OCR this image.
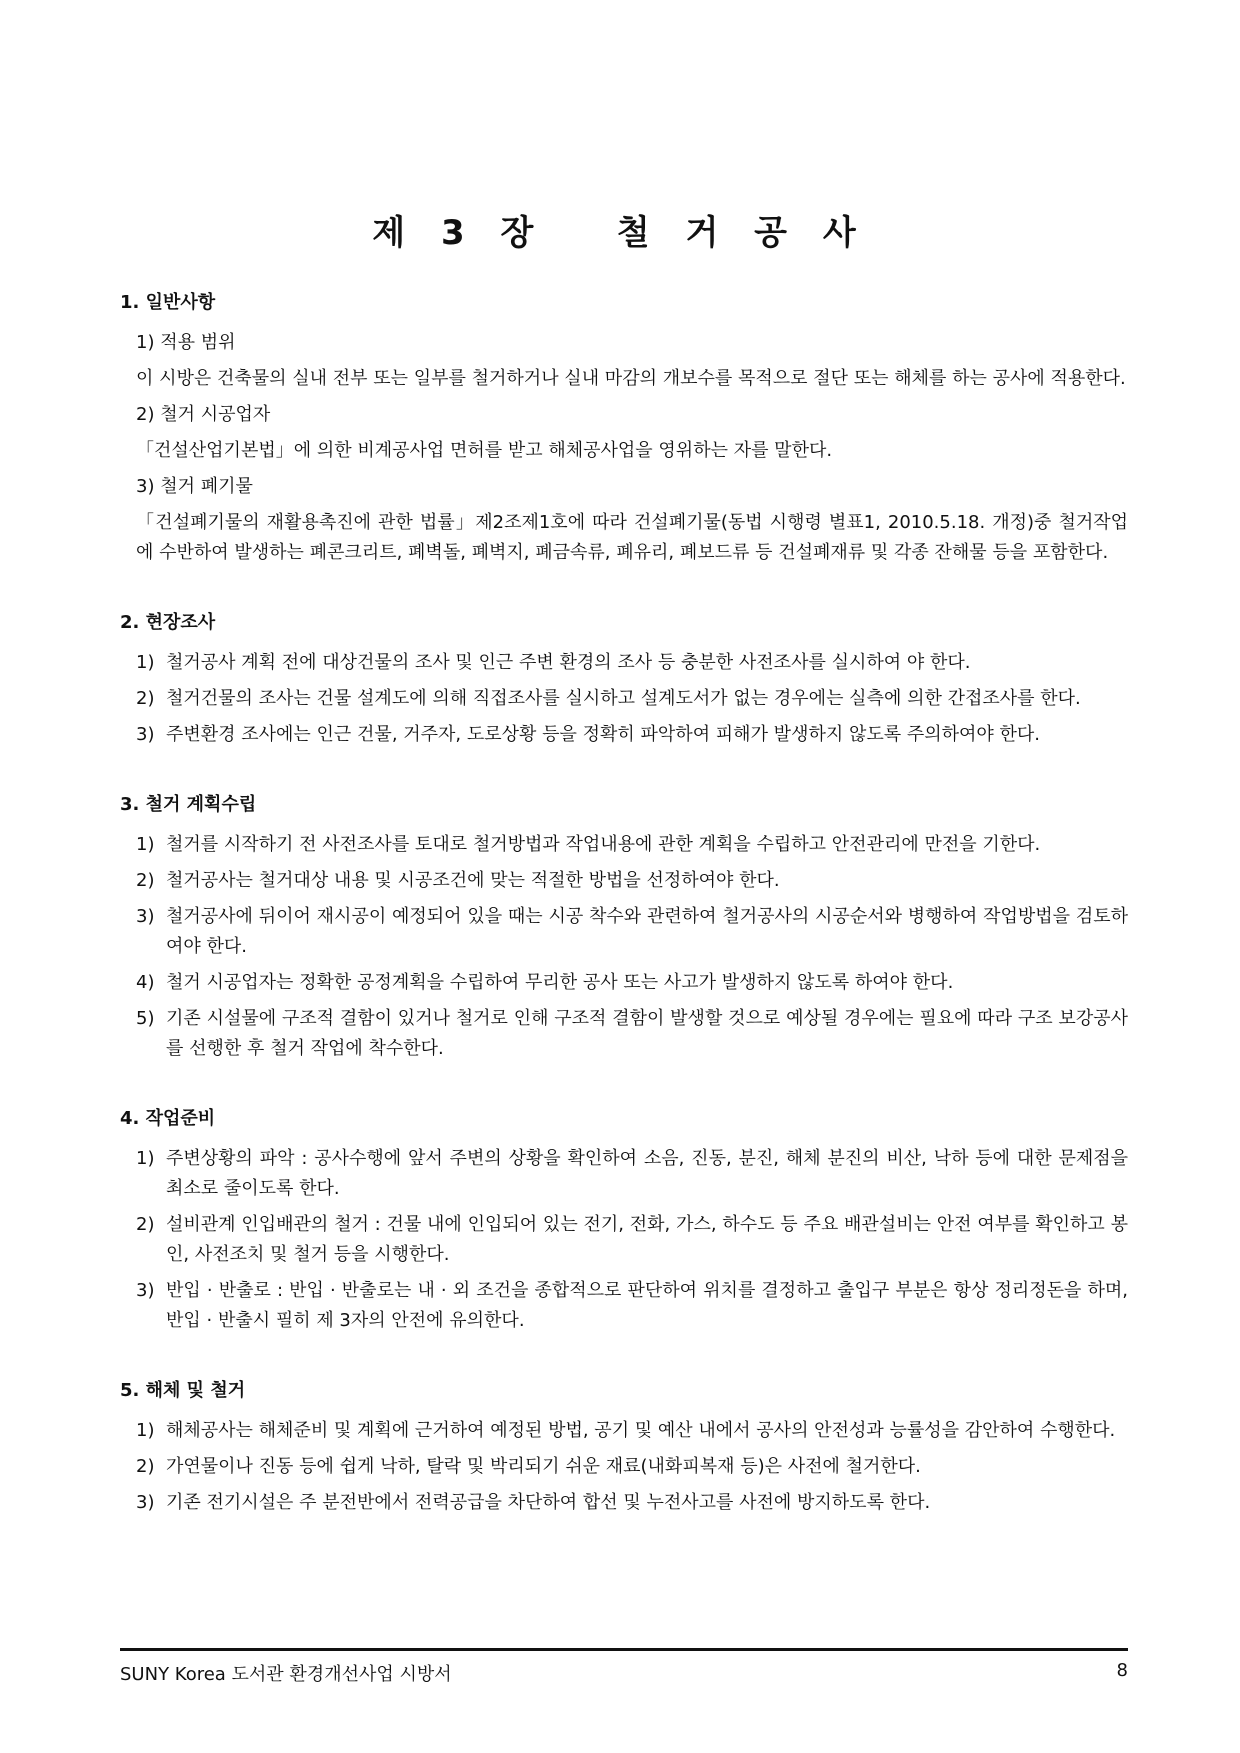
제 3 장   철 거 공 사
1. 일반사항
1) 적용 범위
이 시방은 건축물의 실내 전부 또는 일부를 철거하거나 실내 마감의 개보수를 목적으로 절단 또는 해체를 하는 공사에 적용한다.
2) 철거 시공업자
「건설산업기본법」에 의한 비계공사업 면허를 받고 해체공사업을 영위하는 자를 말한다.
3) 철거 폐기물
「건설폐기물의 재활용촉진에 관한 법률」제2조제1호에 따라 건설폐기물(동법 시행령 별표1, 2010.5.18. 개정)중 철거작업에 수반하여 발생하는 폐콘크리트, 폐벽돌, 폐벽지, 폐금속류, 폐유리, 폐보드류 등 건설폐재류 및 각종 잔해물 등을 포함한다.
2. 현장조사
1) 철거공사 계획 전에 대상건물의 조사 및 인근 주변 환경의 조사 등 충분한 사전조사를 실시하여 야 한다.
2) 철거건물의 조사는 건물 설계도에 의해 직접조사를 실시하고 설계도서가 없는 경우에는 실측에 의한 간접조사를 한다.
3) 주변환경 조사에는 인근 건물, 거주자, 도로상황 등을 정확히 파악하여 피해가 발생하지 않도록 주의하여야 한다.
3. 철거 계획수립
1) 철거를 시작하기 전 사전조사를 토대로 철거방법과 작업내용에 관한 계획을 수립하고 안전관리에 만전을 기한다.
2) 철거공사는 철거대상 내용 및 시공조건에 맞는 적절한 방법을 선정하여야 한다.
3) 철거공사에 뒤이어 재시공이 예정되어 있을 때는 시공 착수와 관련하여 철거공사의 시공순서와 병행하여 작업방법을 검토하여야 한다.
4) 철거 시공업자는 정확한 공정계획을 수립하여 무리한 공사 또는 사고가 발생하지 않도록 하여야 한다.
5) 기존 시설물에 구조적 결함이 있거나 철거로 인해 구조적 결함이 발생할 것으로 예상될 경우에는 필요에 따라 구조 보강공사를 선행한 후 철거 작업에 착수한다.
4. 작업준비
1) 주변상황의 파악 : 공사수행에 앞서 주변의 상황을 확인하여 소음, 진동, 분진, 해체 분진의 비산, 낙하 등에 대한 문제점을 최소로 줄이도록 한다.
2) 설비관계 인입배관의 철거 : 건물 내에 인입되어 있는 전기, 전화, 가스, 하수도 등 주요 배관설비는 안전 여부를 확인하고 봉인, 사전조치 및 철거 등을 시행한다.
3) 반입 · 반출로 : 반입 · 반출로는 내 · 외 조건을 종합적으로 판단하여 위치를 결정하고 출입구 부분은 항상 정리정돈을 하며, 반입 · 반출시 필히 제 3자의 안전에 유의한다.
5. 해체 및 철거
1) 해체공사는 해체준비 및 계획에 근거하여 예정된 방법, 공기 및 예산 내에서 공사의 안전성과 능률성을 감안하여 수행한다.
2) 가연물이나 진동 등에 쉽게 낙하, 탈락 및 박리되기 쉬운 재료(내화피복재 등)은 사전에 철거한다.
3) 기존 전기시설은 주 분전반에서 전력공급을 차단하여 합선 및 누전사고를 사전에 방지하도록 한다.
SUNY Korea 도서관 환경개선사업 시방서	8
